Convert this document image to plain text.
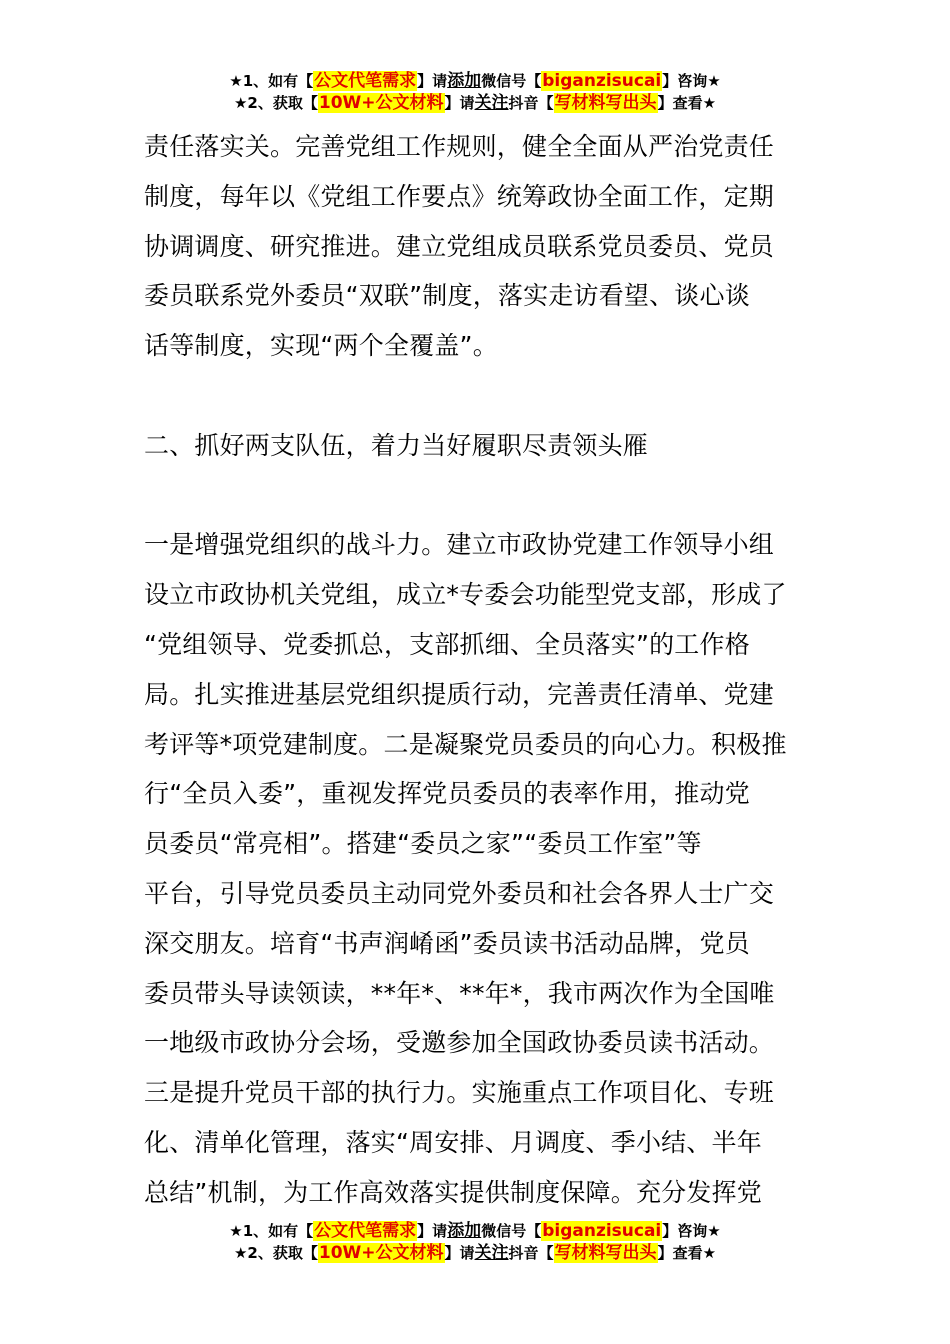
★1、如有【公文代笔需求】请添加微信号【biganzisucai】咨询★
★2、获取【10W+公文材料】请关注抖音【写材料写出头】查看★
责任落实关。完善党组工作规则，健全全面从严治党责任
制度，每年以《党组工作要点》统筹政协全面工作，定期
协调调度、研究推进。建立党组成员联系党员委员、党员
委员联系党外委员“双联”制度，落实走访看望、谈心谈
话等制度，实现“两个全覆盖”。
二、抓好两支队伍，着力当好履职尽责领头雁
一是增强党组织的战斗力。建立市政协党建工作领导小组
设立市政协机关党组，成立*专委会功能型党支部，形成了
“党组领导、党委抓总，支部抓细、全员落实”的工作格
局。扎实推进基层党组织提质行动，完善责任清单、党建
考评等*项党建制度。二是凝聚党员委员的向心力。积极推
行“全员入委”，重视发挥党员委员的表率作用，推动党
员委员“常亮相”。搭建“委员之家”“委员工作室”等
平台，引导党员委员主动同党外委员和社会各界人士广交
深交朋友。培育“书声润崤函”委员读书活动品牌，党员
委员带头导读领读，**年*、**年*，我市两次作为全国唯
一地级市政协分会场，受邀参加全国政协委员读书活动。
三是提升党员干部的执行力。实施重点工作项目化、专班
化、清单化管理，落实“周安排、月调度、季小结、半年
总结”机制，为工作高效落实提供制度保障。充分发挥党
★1、如有【公文代笔需求】请添加微信号【biganzisucai】咨询★
★2、获取【10W+公文材料】请关注抖音【写材料写出头】查看★
